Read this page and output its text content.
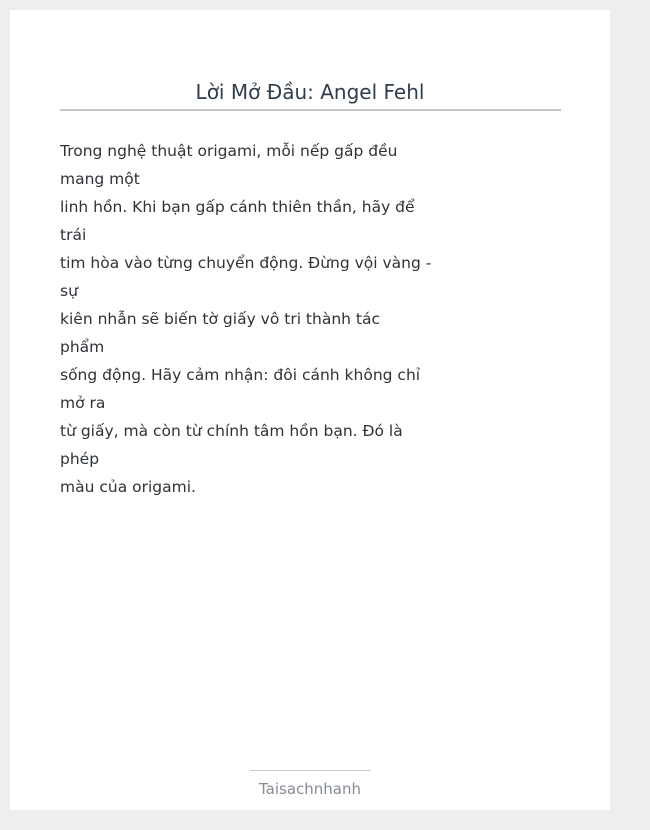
Lời Mở Đầu: Angel Fehl
Trong nghệ thuật origami, mỗi nếp gấp đều
mang một
linh hồn. Khi bạn gấp cánh thiên thần, hãy để
trái
tim hòa vào từng chuyển động. Đừng vội vàng -
sự
kiên nhẫn sẽ biến tờ giấy vô tri thành tác
phẩm
sống động. Hãy cảm nhận: đôi cánh không chỉ
mở ra
từ giấy, mà còn từ chính tâm hồn bạn. Đó là
phép
màu của origami.
Taisachnhanh
